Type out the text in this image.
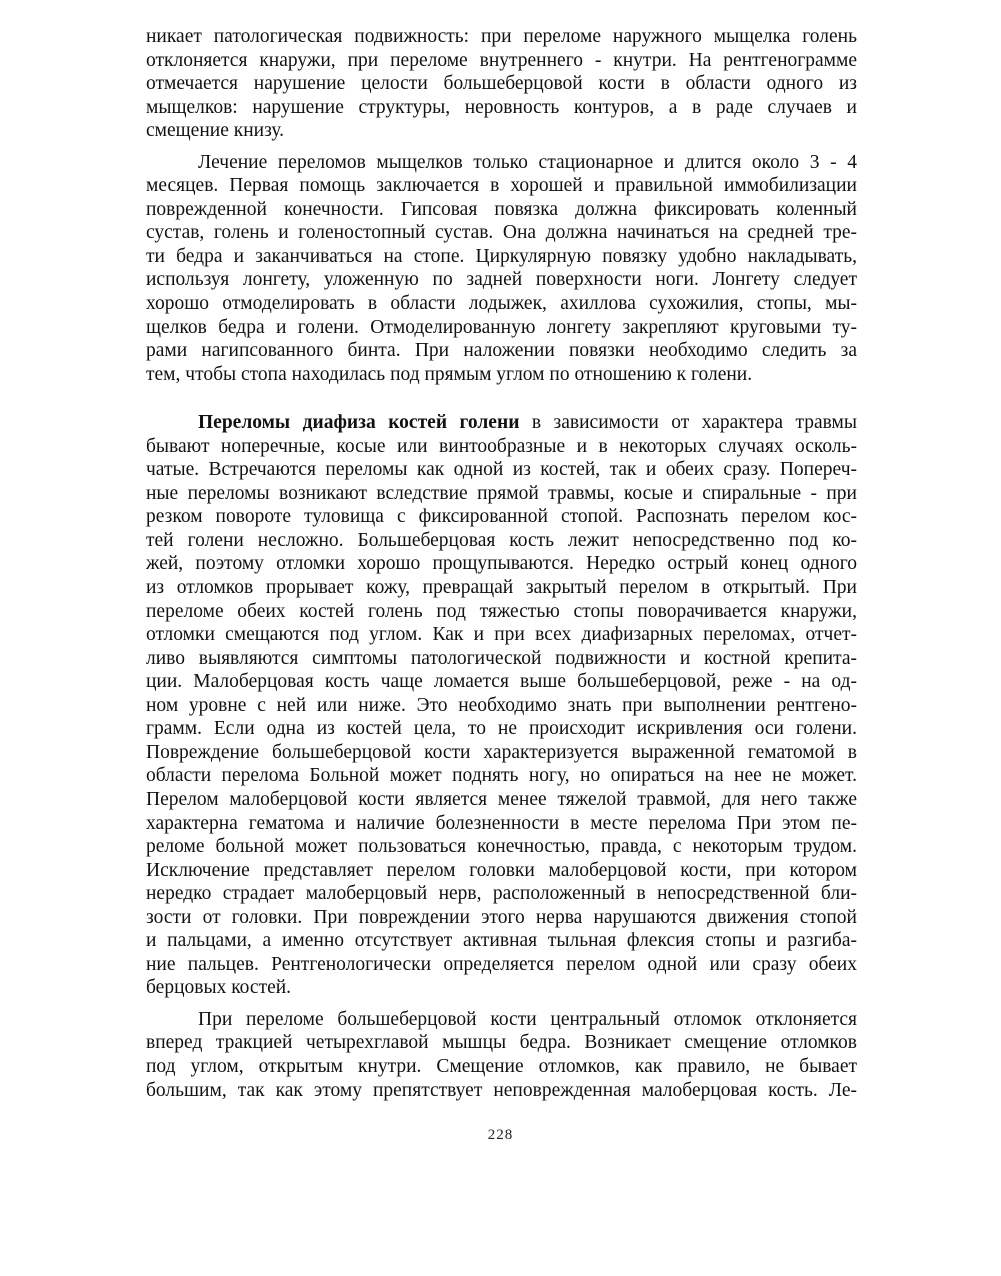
никает патологическая подвижность: при переломе наружного мыщелка голень
отклоняется кнаружи, при переломе внутреннего - кнутри. На рентгенограмме
отмечается нарушение целости большеберцовой кости в области одного из
мыщелков: нарушение структуры, неровность контуров, а в раде случаев и
смещение книзу.
Лечение переломов мыщелков только стационарное и длится около 3 - 4
месяцев. Первая помощь заключается в хорошей и правильной иммобилизации
поврежденной конечности. Гипсовая повязка должна фиксировать коленный
сустав, голень и голеностопный сустав. Она должна начинаться на средней тре-
ти бедра и заканчиваться на стопе. Циркулярную повязку удобно накладывать,
используя лонгету, уложенную по задней поверхности ноги. Лонгету следует
хорошо отмоделировать в области лодыжек, ахиллова сухожилия, стопы, мы-
щелков бедра и голени. Отмоделированную лонгету закрепляют круговыми ту-
рами нагипсованного бинта. При наложении повязки необходимо следить за
тем, чтобы стопа находилась под прямым углом по отношению к голени.
Переломы диафиза костей голени в зависимости от характера травмы
бывают ноперечные, косые или винтообразные и в некоторых случаях осколь-
чатые. Встречаются переломы как одной из костей, так и обеих сразу. Попереч-
ные переломы возникают вследствие прямой травмы, косые и спиральные - при
резком повороте туловища с фиксированной стопой. Распознать перелом кос-
тей голени несложно. Большеберцовая кость лежит непосредственно под ко-
жей, поэтому отломки хорошо прощупываются. Нередко острый конец одного
из отломков прорывает кожу, превращай закрытый перелом в открытый. При
переломе обеих костей голень под тяжестью стопы поворачивается кнаружи,
отломки смещаются под углом. Как и при всех диафизарных переломах, отчет-
ливо выявляются симптомы патологической подвижности и костной крепита-
ции. Малоберцовая кость чаще ломается выше большеберцовой, реже - на од-
ном уровне с ней или ниже. Это необходимо знать при выполнении рентгено-
грамм. Если одна из костей цела, то не происходит искривления оси голени.
Повреждение большеберцовой кости характеризуется выраженной гематомой в
области перелома Больной может поднять ногу, но опираться на нее не может.
Перелом малоберцовой кости является менее тяжелой травмой, для него также
характерна гематома и наличие болезненности в месте перелома При этом пе-
реломе больной может пользоваться конечностью, правда, с некоторым трудом.
Исключение представляет перелом головки малоберцовой кости, при котором
нередко страдает малоберцовый нерв, расположенный в непосредственной бли-
зости от головки. При повреждении этого нерва нарушаются движения стопой
и пальцами, а именно отсутствует активная тыльная флексия стопы и разгиба-
ние пальцев. Рентгенологически определяется перелом одной или сразу обеих
берцовых костей.
При переломе большеберцовой кости центральный отломок отклоняется
вперед тракцией четырехглавой мышцы бедра. Возникает смещение отломков
под углом, открытым кнутри. Смещение отломков, как правило, не бывает
большим, так как этому препятствует неповрежденная малоберцовая кость. Ле-
228
